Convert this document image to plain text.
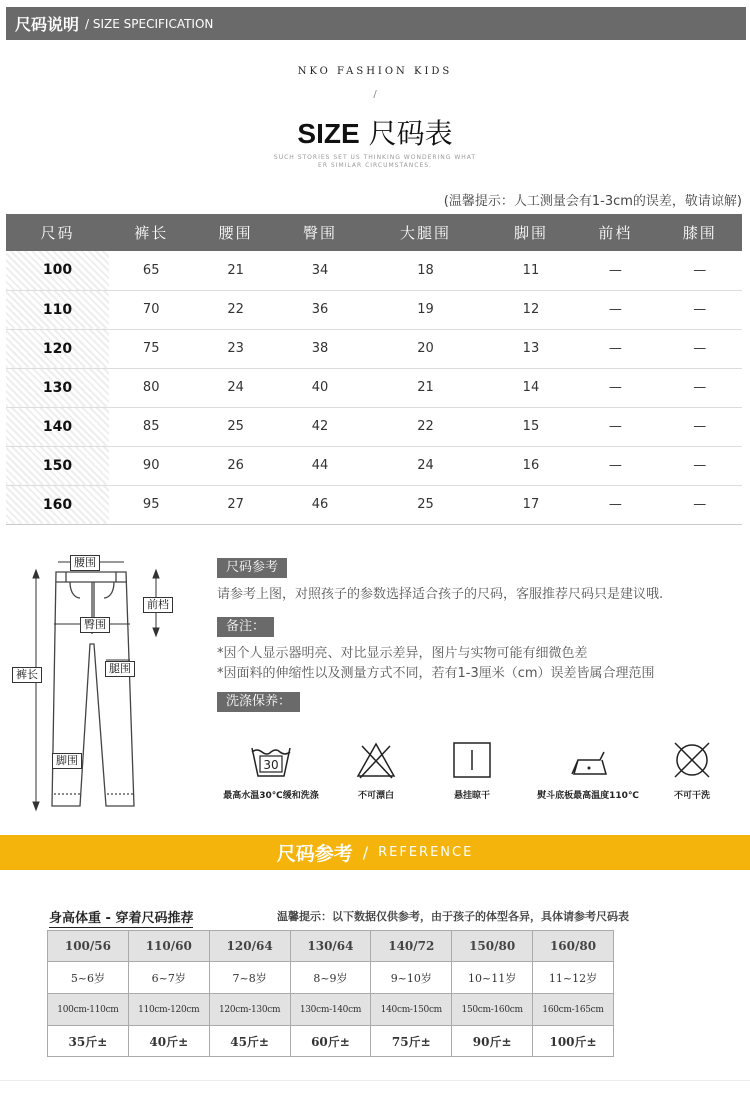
尺码说明 / SIZE SPECIFICATION
NKO FASHION KIDS
/
SIZE 尺码表
SUCH STORIES SET US THINKING WONDERING WHAT
ER SIMILAR CIRCUMSTANCES.
(温馨提示：人工测量会有1-3cm的误差，敬请谅解)
尺码	裤长	腰围	臀围	大腿围	脚围	前档	膝围
100	65	21	34	18	11	—	—
110	70	22	36	19	12	—	—
120	75	23	38	20	13	—	—
130	80	24	40	21	14	—	—
140	85	25	42	22	15	—	—
150	90	26	44	24	16	—	—
160	95	27	46	25	17	—	—
腰围
前档
臀围
腿围
裤长
脚围
尺码参考
请参考上图，对照孩子的参数选择适合孩子的尺码，客服推荐尺码只是建议哦.
备注：
*因个人显示器明亮、对比显示差异，图片与实物可能有细微色差
*因面料的伸缩性以及测量方式不同，若有1-3厘米（cm）误差皆属合理范围
洗涤保养：
30
最高水温30℃缓和洗涤	不可漂白	悬挂晾干	熨斗底板最高温度110℃	不可干洗
尺码参考 / REFERENCE
身高体重 - 穿着尺码推荐	温馨提示：以下数据仅供参考，由于孩子的体型各异，具体请参考尺码表
100/56	110/60	120/64	130/64	140/72	150/80	160/80
5~6岁	6~7岁	7~8岁	8~9岁	9~10岁	10~11岁	11~12岁
100cm-110cm	110cm-120cm	120cm-130cm	130cm-140cm	140cm-150cm	150cm-160cm	160cm-165cm
35斤±	40斤±	45斤±	60斤±	75斤±	90斤±	100斤±
